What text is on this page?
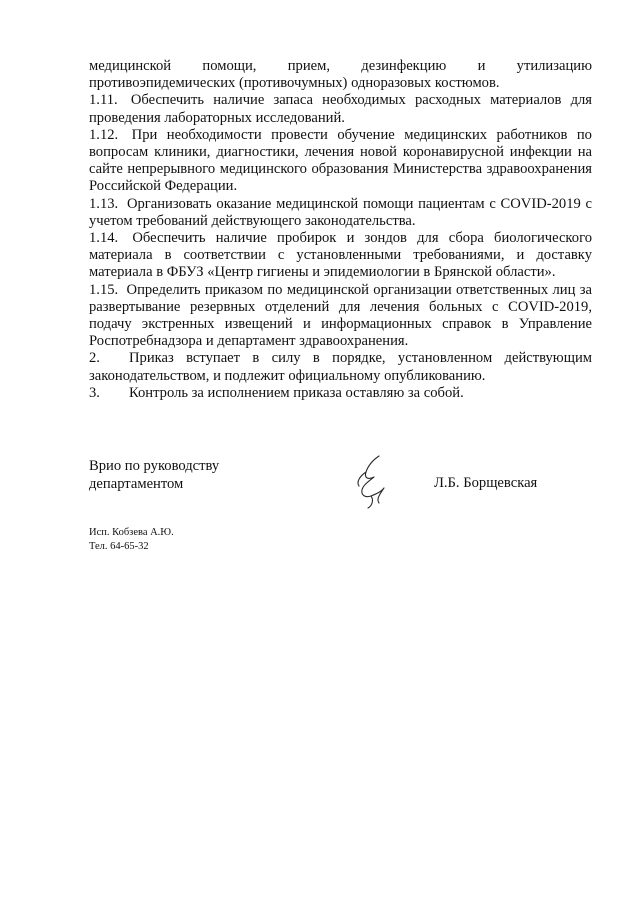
медицинской помощи, прием, дезинфекцию и утилизацию противоэпидемических (противочумных) одноразовых костюмов.

1.11. Обеспечить наличие запаса необходимых расходных материалов для проведения лабораторных исследований.

1.12. При необходимости провести обучение медицинских работников по вопросам клиники, диагностики, лечения новой коронавирусной инфекции на сайте непрерывного медицинского образования Министерства здравоохранения Российской Федерации.

1.13. Организовать оказание медицинской помощи пациентам с COVID-2019 с учетом требований действующего законодательства.

1.14. Обеспечить наличие пробирок и зондов для сбора биологического материала в соответствии с установленными требованиями, и доставку материала в ФБУЗ «Центр гигиены и эпидемиологии в Брянской области».

1.15. Определить приказом по медицинской организации ответственных лиц за развертывание резервных отделений для лечения больных с COVID-2019, подачу экстренных извещений и информационных справок в Управление Роспотребнадзора и департамент здравоохранения.

2. Приказ вступает в силу в порядке, установленном действующим законодательством, и подлежит официальному опубликованию.

3. Контроль за исполнением приказа оставляю за собой.

Врио по руководству
департаментом	Л.Б. Борщевская
Исп. Кобзева А.Ю.
Тел. 64-65-32
